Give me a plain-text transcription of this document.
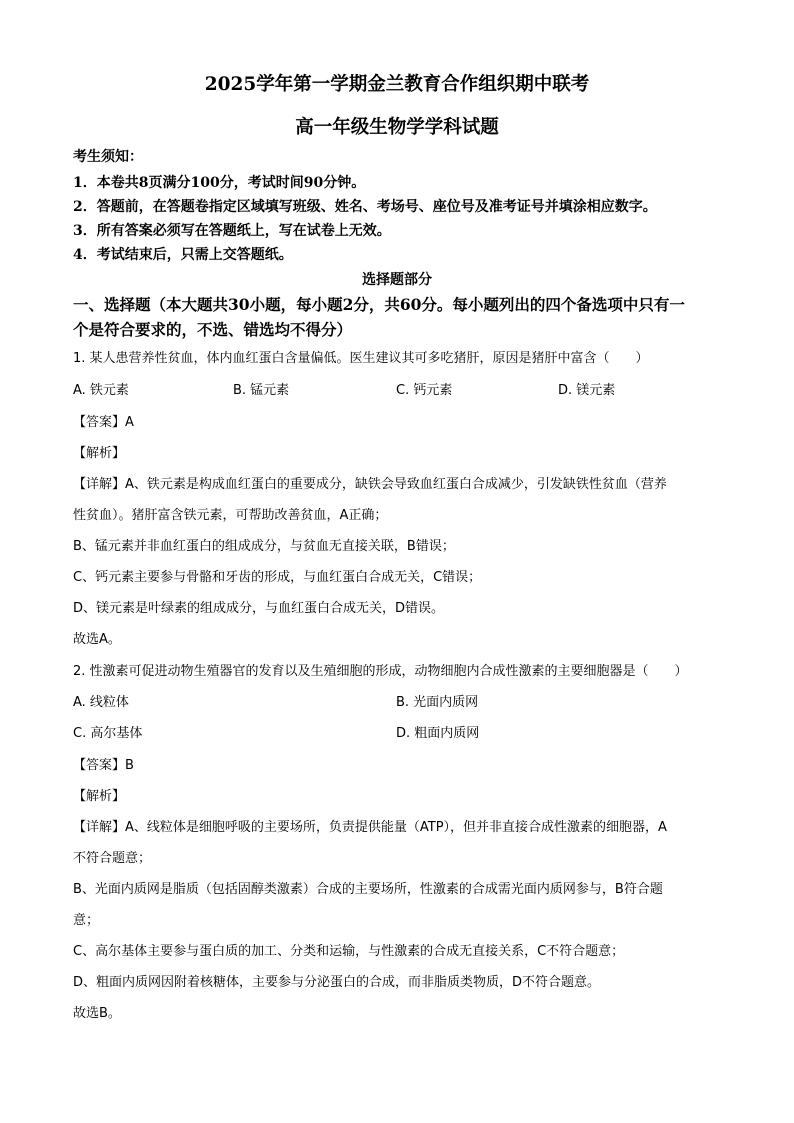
2025学年第一学期金兰教育合作组织期中联考
高一年级生物学学科试题
考生须知：
1．本卷共8页满分100分，考试时间90分钟。
2．答题前，在答题卷指定区域填写班级、姓名、考场号、座位号及准考证号并填涂相应数字。
3．所有答案必须写在答题纸上，写在试卷上无效。
4．考试结束后，只需上交答题纸。
选择题部分
一、选择题（本大题共30小题，每小题2分，共60分。每小题列出的四个备选项中只有一
个是符合要求的，不选、错选均不得分）
1. 某人患营养性贫血，体内血红蛋白含量偏低。医生建议其可多吃猪肝，原因是猪肝中富含（　　）
A. 铁元素	B. 锰元素	C. 钙元素	D. 镁元素
【答案】A
【解析】
【详解】A、铁元素是构成血红蛋白的重要成分，缺铁会导致血红蛋白合成减少，引发缺铁性贫血（营养
性贫血）。猪肝富含铁元素，可帮助改善贫血，A正确；
B、锰元素并非血红蛋白的组成成分，与贫血无直接关联，B错误；
C、钙元素主要参与骨骼和牙齿的形成，与血红蛋白合成无关，C错误；
D、镁元素是叶绿素的组成成分，与血红蛋白合成无关，D错误。
故选A。
2. 性激素可促进动物生殖器官的发育以及生殖细胞的形成，动物细胞内合成性激素的主要细胞器是（　　）
A. 线粒体	B. 光面内质网
C. 高尔基体	D. 粗面内质网
【答案】B
【解析】
【详解】A、线粒体是细胞呼吸的主要场所，负责提供能量（ATP），但并非直接合成性激素的细胞器，A
不符合题意；
B、光面内质网是脂质（包括固醇类激素）合成的主要场所，性激素的合成需光面内质网参与，B符合题
意；
C、高尔基体主要参与蛋白质的加工、分类和运输，与性激素的合成无直接关系，C不符合题意；
D、粗面内质网因附着核糖体，主要参与分泌蛋白的合成，而非脂质类物质，D不符合题意。
故选B。
